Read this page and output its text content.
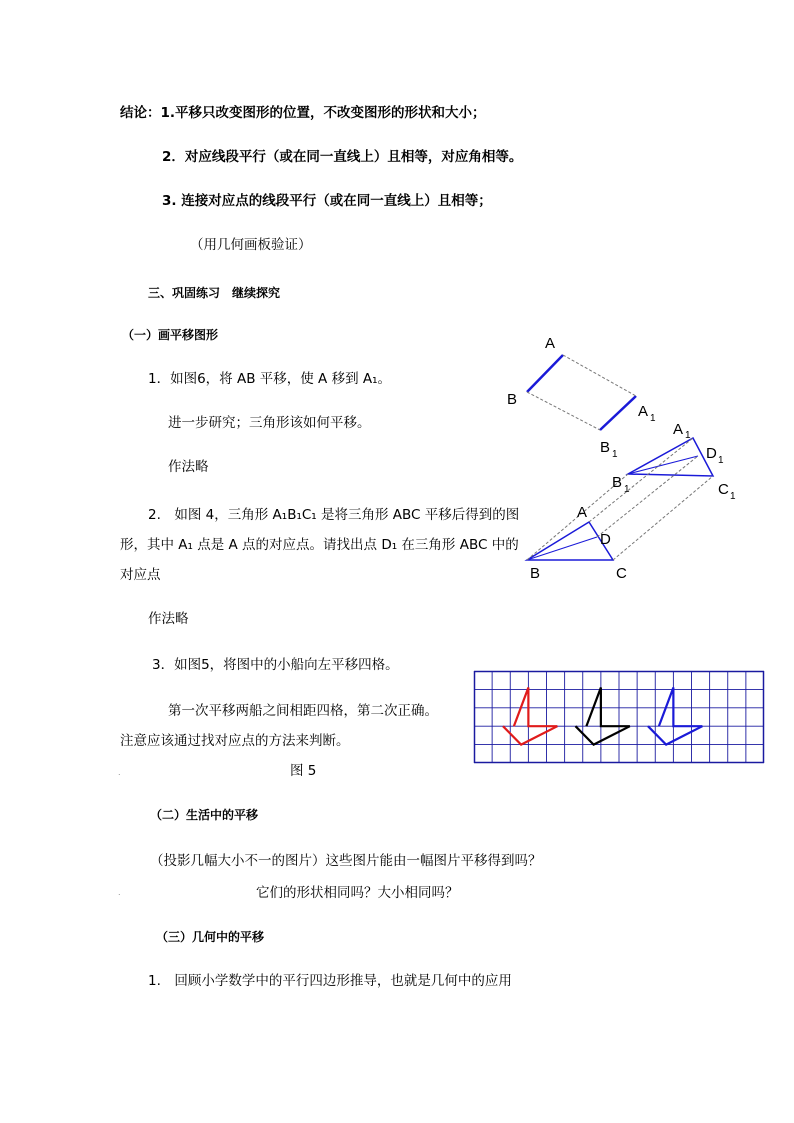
结论：1.平移只改变图形的位置，不改变图形的形状和大小；
2．对应线段平行（或在同一直线上）且相等，对应角相等。
3. 连接对应点的线段平行（或在同一直线上）且相等；
（用几何画板验证）
三、巩固练习　继续探究
（一）画平移图形
1．如图6，将 AB 平移，使 A 移到 A₁。
进一步研究；三角形该如何平移。
作法略
2.　如图 4，三角形 A₁B₁C₁ 是将三角形 ABC 平移后得到的图
形，其中 A₁ 点是 A 点的对应点。请找出点 D₁ 在三角形 ABC 中的
对应点
作法略
3．如图5，将图中的小船向左平移四格。
第一次平移两船之间相距四格，第二次正确。
注意应该通过找对应点的方法来判断。
.	图 5
（二）生活中的平移
（投影几幅大小不一的图片）这些图片能由一幅图片平移得到吗？
.	它们的形状相同吗？大小相同吗？
（三）几何中的平移
1.　回顾小学数学中的平行四边形推导，也就是几何中的应用
A
B
A 1
B 1
A 1
D 1
B 1	C 1
A
D
B	C
